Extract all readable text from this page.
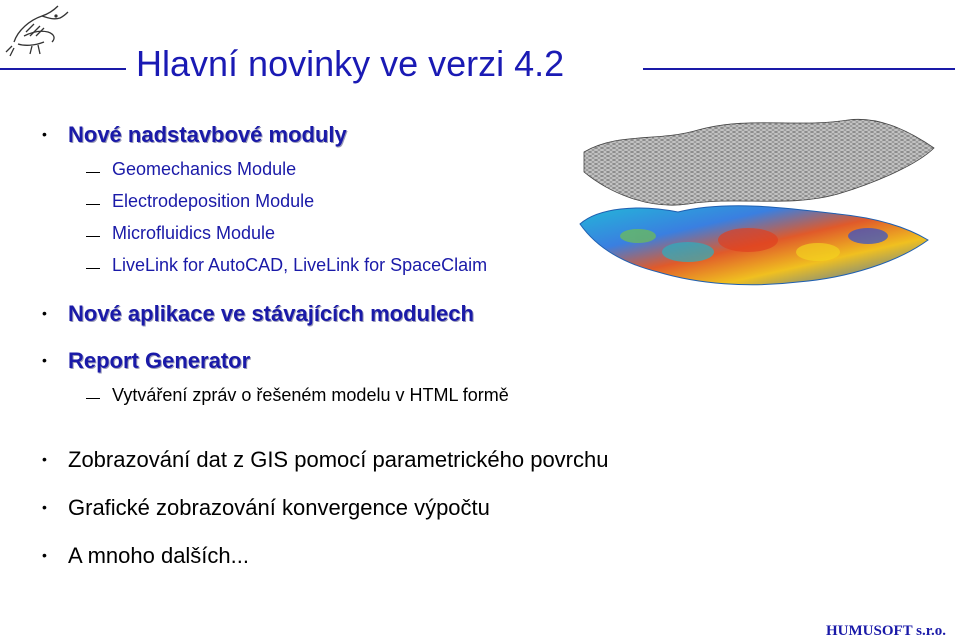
Hlavní novinky ve verzi 4.2
• Nové nadstavbové moduly
Geomechanics Module
Electrodeposition Module
Microfluidics Module
LiveLink for AutoCAD, LiveLink for SpaceClaim
• Nové aplikace ve stávajících modulech
• Report Generator
Vytváření zpráv o řešeném modelu v HTML formě
• Zobrazování dat z GIS pomocí parametrického povrchu
• Grafické zobrazování konvergence výpočtu
• A mnoho dalších...
HUMUSOFT s.r.o.
